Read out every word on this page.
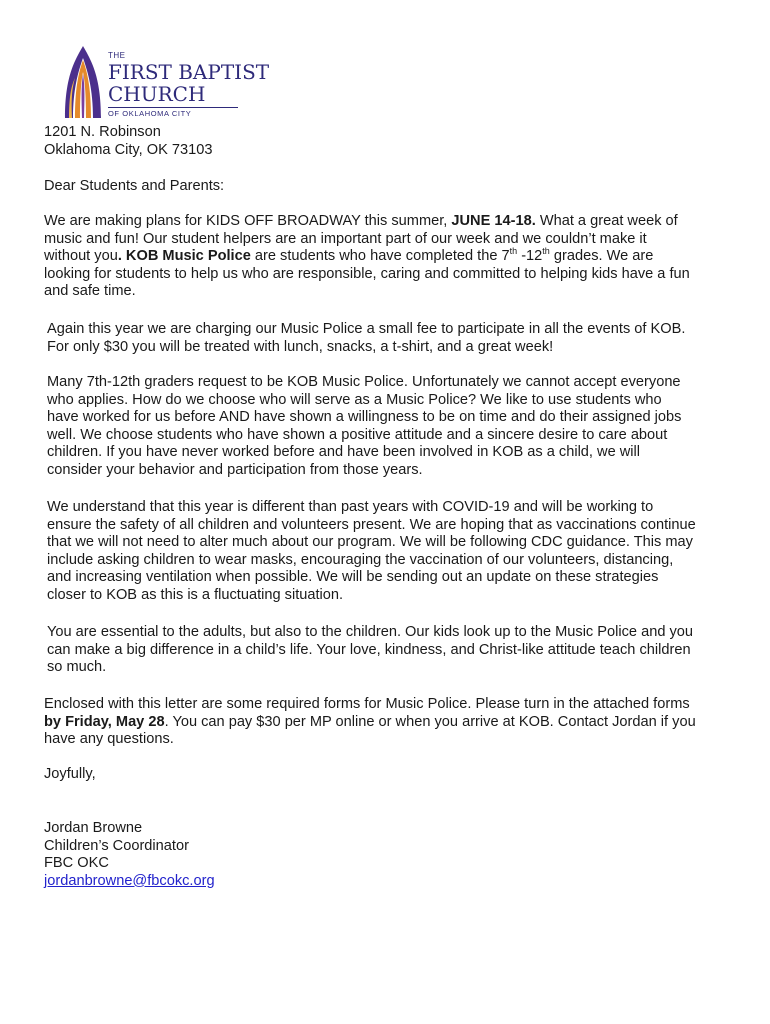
THE
FIRST BAPTIST
CHURCH
OF OKLAHOMA CITY
1201 N. Robinson
Oklahoma City, OK 73103
Dear Students and Parents:
We are making plans for KIDS OFF BROADWAY this summer, JUNE 14-18. What a great week of
music and fun! Our student helpers are an important part of our week and we couldn’t make it
without you. KOB Music Police are students who have completed the 7th -12th grades. We are
looking for students to help us who are responsible, caring and committed to helping kids have a fun
and safe time.
Again this year we are charging our Music Police a small fee to participate in all the events of KOB.
For only $30 you will be treated with lunch, snacks, a t-shirt, and a great week!
Many 7th-12th graders request to be KOB Music Police. Unfortunately we cannot accept everyone
who applies. How do we choose who will serve as a Music Police? We like to use students who
have worked for us before AND have shown a willingness to be on time and do their assigned jobs
well. We choose students who have shown a positive attitude and a sincere desire to care about
children. If you have never worked before and have been involved in KOB as a child, we will
consider your behavior and participation from those years.
We understand that this year is different than past years with COVID-19 and will be working to
ensure the safety of all children and volunteers present. We are hoping that as vaccinations continue
that we will not need to alter much about our program. We will be following CDC guidance. This may
include asking children to wear masks, encouraging the vaccination of our volunteers, distancing,
and increasing ventilation when possible. We will be sending out an update on these strategies
closer to KOB as this is a fluctuating situation.
You are essential to the adults, but also to the children. Our kids look up to the Music Police and you
can make a big difference in a child’s life. Your love, kindness, and Christ-like attitude teach children
so much.
Enclosed with this letter are some required forms for Music Police. Please turn in the attached forms
by Friday, May 28. You can pay $30 per MP online or when you arrive at KOB. Contact Jordan if you
have any questions.
Joyfully,
Jordan Browne
Children’s Coordinator
FBC OKC
jordanbrowne@fbcokc.org
